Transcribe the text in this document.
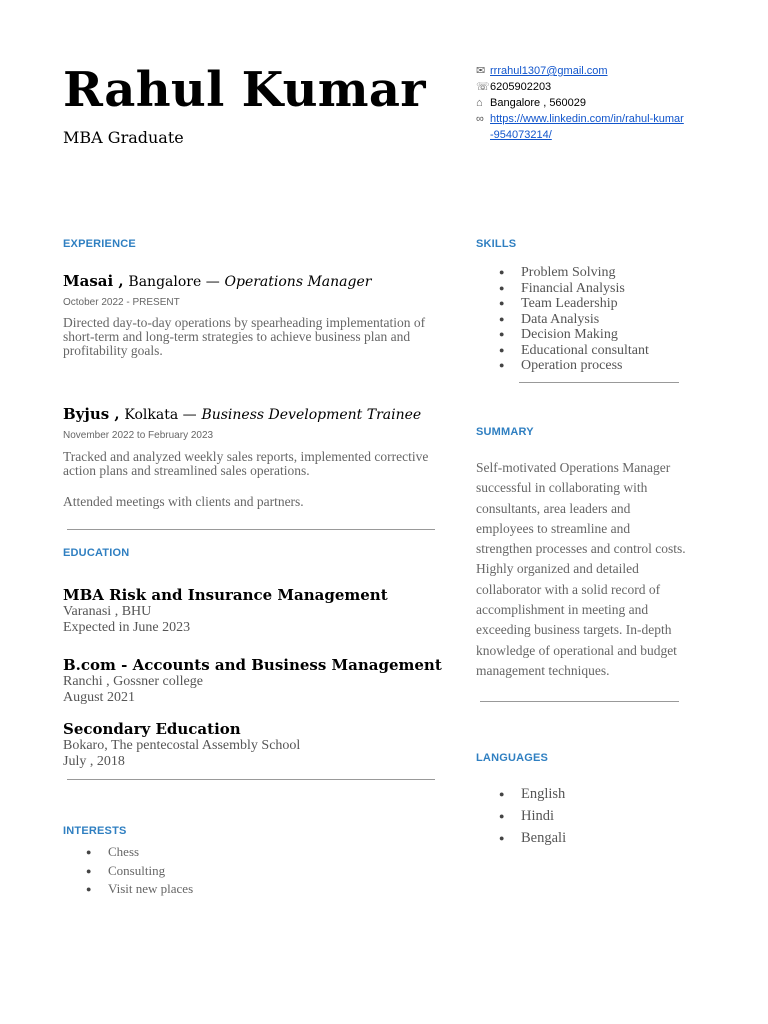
Rahul Kumar
MBA Graduate
✉ rrrahul1307@gmail.com
☏ 6205902203
⌂ Bangalore , 560029
∞ https://www.linkedin.com/in/rahul-kumar-954073214/
EXPERIENCE
Masai , Bangalore — Operations Manager
October 2022 - PRESENT
Directed day-to-day operations by spearheading implementation of short-term and long-term strategies to achieve business plan and profitability goals.
Byjus , Kolkata — Business Development Trainee
November 2022 to February 2023
Tracked and analyzed weekly sales reports, implemented corrective action plans and streamlined sales operations.
Attended meetings with clients and partners.
EDUCATION
MBA Risk and Insurance Management
Varanasi , BHU
Expected in June 2023
B.com - Accounts and Business Management
Ranchi , Gossner college
August 2021
Secondary Education
Bokaro, The pentecostal Assembly School
July , 2018
INTERESTS
● Chess
● Consulting
● Visit new places
SKILLS
● Problem Solving
● Financial Analysis
● Team Leadership
● Data Analysis
● Decision Making
● Educational consultant
● Operation process
SUMMARY
Self-motivated Operations Manager successful in collaborating with consultants, area leaders and employees to streamline and strengthen processes and control costs. Highly organized and detailed collaborator with a solid record of accomplishment in meeting and exceeding business targets. In-depth knowledge of operational and budget management techniques.
LANGUAGES
● English
● Hindi
● Bengali
